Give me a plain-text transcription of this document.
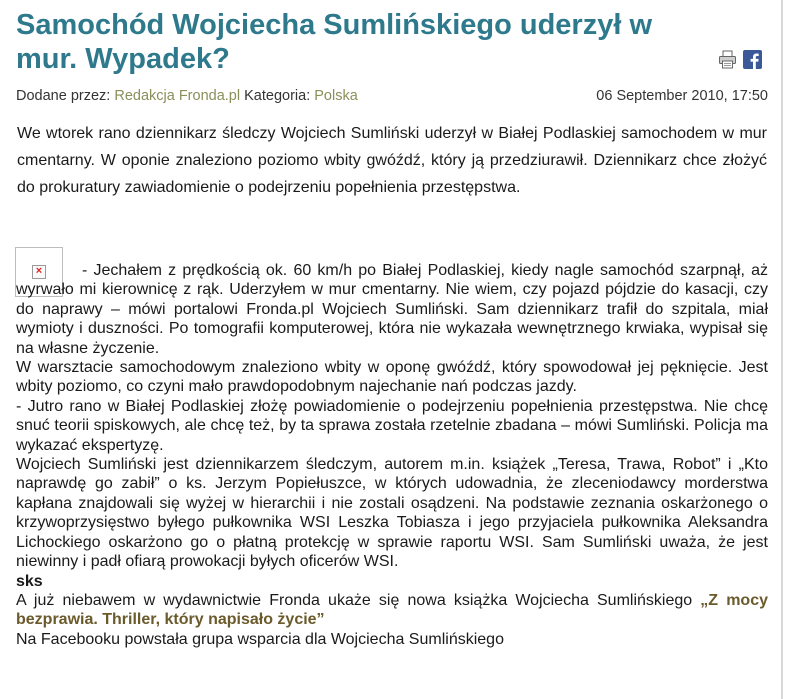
Samochód Wojciecha Sumlińskiego uderzył w mur. Wypadek?
Dodane przez: Redakcja Fronda.pl Kategoria: Polska	06 September 2010, 17:50
We wtorek rano dziennikarz śledczy Wojciech Sumliński uderzył w Białej Podlaskiej samochodem w mur cmentarny. W oponie znaleziono poziomo wbity gwóźdź, który ją przedziurawił. Dziennikarz chce złożyć do prokuratury zawiadomienie o podejrzeniu popełnienia przestępstwa.
×	- Jechałem z prędkością ok. 60 km/h po Białej Podlaskiej, kiedy nagle samochód szarpnął, aż wyrwało mi kierownicę z rąk. Uderzyłem w mur cmentarny. Nie wiem, czy pojazd pójdzie do kasacji, czy do naprawy – mówi portalowi Fronda.pl Wojciech Sumliński. Sam dziennikarz trafił do szpitala, miał wymioty i duszności. Po tomografii komputerowej, która nie wykazała wewnętrznego krwiaka, wypisał się na własne życzenie.

W warsztacie samochodowym znaleziono wbity w oponę gwóźdź, który spowodował jej pęknięcie. Jest wbity poziomo, co czyni mało prawdopodobnym najechanie nań podczas jazdy.

- Jutro rano w Białej Podlaskiej złożę powiadomienie o podejrzeniu popełnienia przestępstwa. Nie chcę snuć teorii spiskowych, ale chcę też, by ta sprawa została rzetelnie zbadana – mówi Sumliński. Policja ma wykazać ekspertyzę.

Wojciech Sumliński jest dziennikarzem śledczym, autorem m.in. książek „Teresa, Trawa, Robot” i „Kto naprawdę go zabił” o ks. Jerzym Popiełuszce, w których udowadnia, że zleceniodawcy morderstwa kapłana znajdowali się wyżej w hierarchii i nie zostali osądzeni. Na podstawie zeznania oskarżonego o krzywoprzysięstwo byłego pułkownika WSI Leszka Tobiasza i jego przyjaciela pułkownika Aleksandra Lichockiego oskarżono go o płatną protekcję w sprawie raportu WSI. Sam Sumliński uważa, że jest niewinny i padł ofiarą prowokacji byłych oficerów WSI.

sks

A już niebawem w wydawnictwie Fronda ukaże się nowa książka Wojciecha Sumlińskiego „Z mocy bezprawia. Thriller, który napisało życie”

Na Facebooku powstała grupa wsparcia dla Wojciecha Sumlińskiego
